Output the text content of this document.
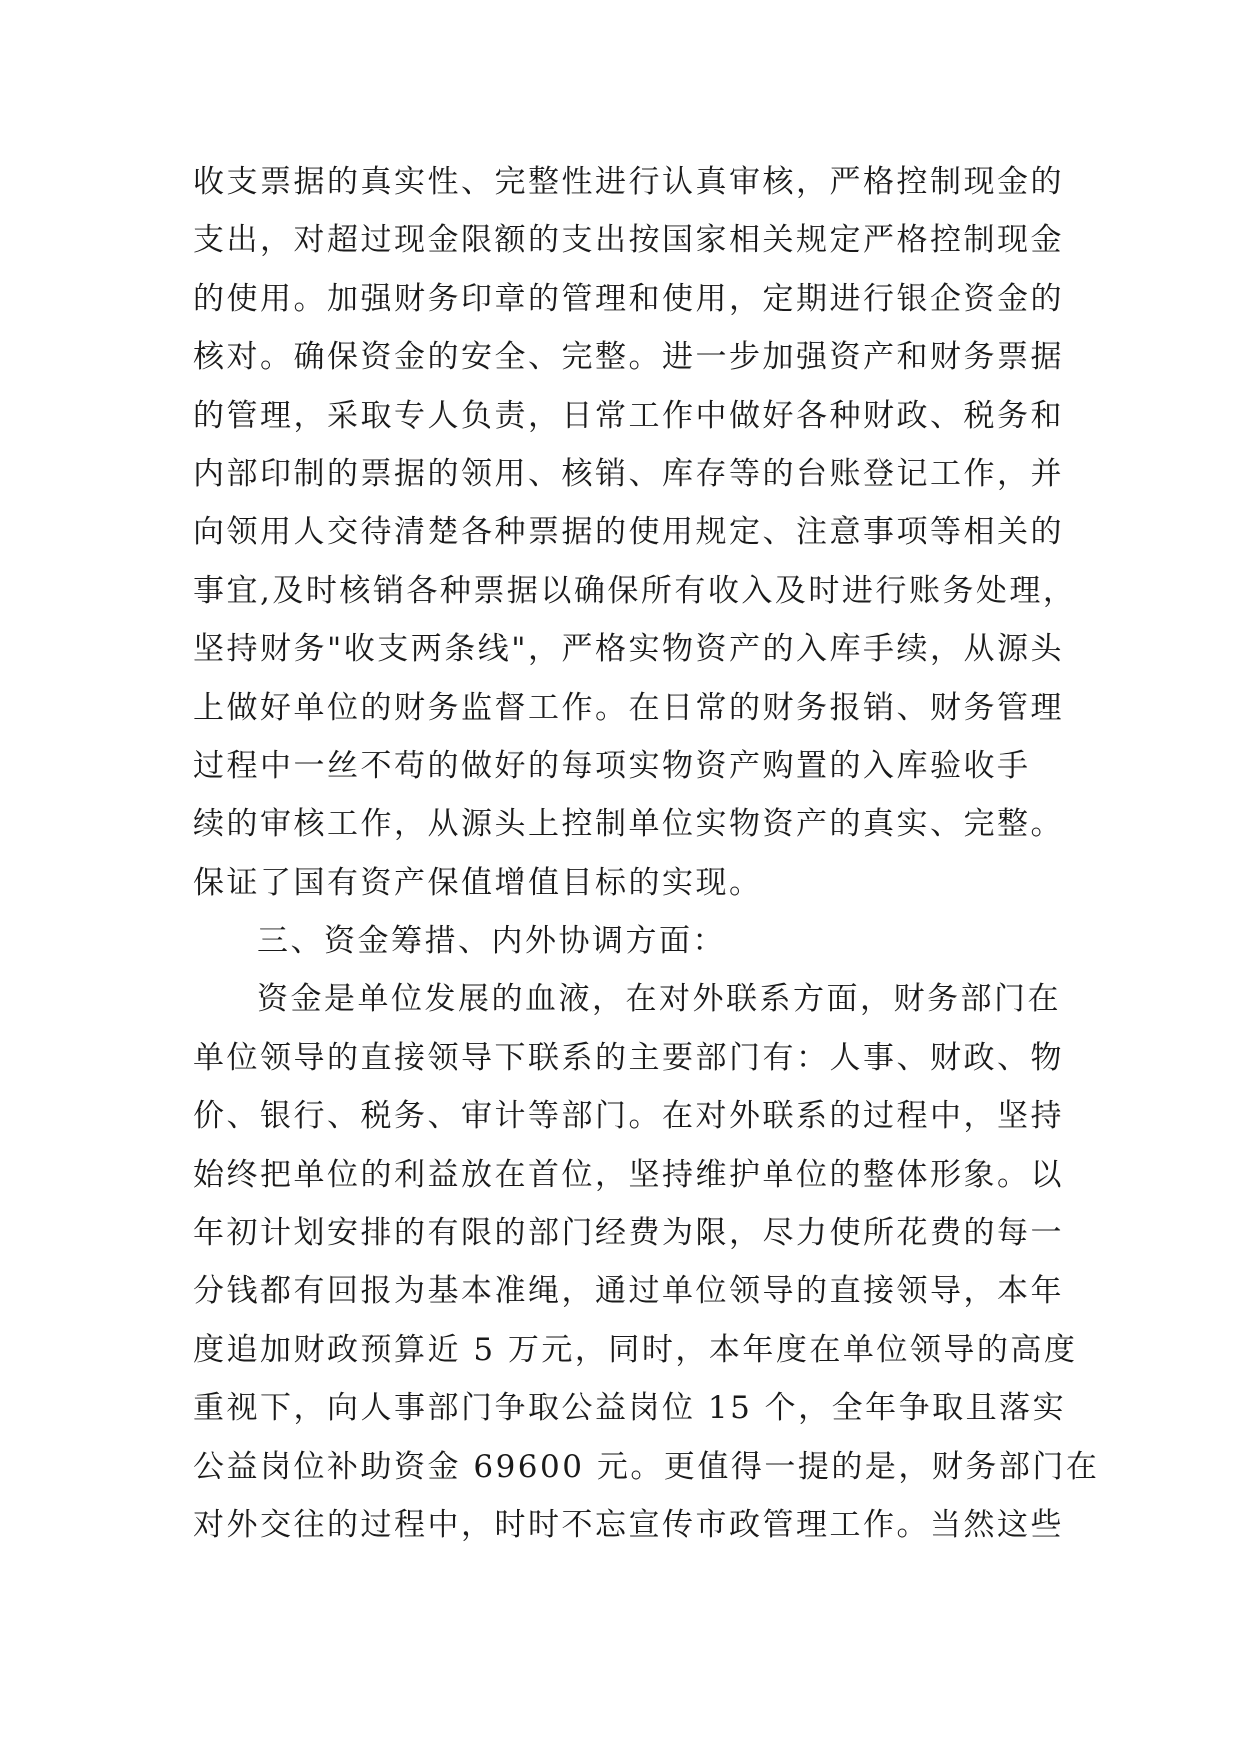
收支票据的真实性、完整性进行认真审核，严格控制现金的
支出，对超过现金限额的支出按国家相关规定严格控制现金
的使用。加强财务印章的管理和使用，定期进行银企资金的
核对。确保资金的安全、完整。进一步加强资产和财务票据
的管理，采取专人负责，日常工作中做好各种财政、税务和
内部印制的票据的领用、核销、库存等的台账登记工作，并
向领用人交待清楚各种票据的使用规定、注意事项等相关的
事宜,及时核销各种票据以确保所有收入及时进行账务处理，
坚持财务"收支两条线"，严格实物资产的入库手续，从源头
上做好单位的财务监督工作。在日常的财务报销、财务管理
过程中一丝不苟的做好的每项实物资产购置的入库验收手
续的审核工作，从源头上控制单位实物资产的真实、完整。
保证了国有资产保值增值目标的实现。
三、资金筹措、内外协调方面：
资金是单位发展的血液，在对外联系方面，财务部门在
单位领导的直接领导下联系的主要部门有：人事、财政、物
价、银行、税务、审计等部门。在对外联系的过程中，坚持
始终把单位的利益放在首位，坚持维护单位的整体形象。以
年初计划安排的有限的部门经费为限，尽力使所花费的每一
分钱都有回报为基本准绳，通过单位领导的直接领导，本年
度追加财政预算近 5 万元，同时，本年度在单位领导的高度
重视下，向人事部门争取公益岗位 15 个，全年争取且落实
公益岗位补助资金 69600 元。更值得一提的是，财务部门在
对外交往的过程中，时时不忘宣传市政管理工作。当然这些
